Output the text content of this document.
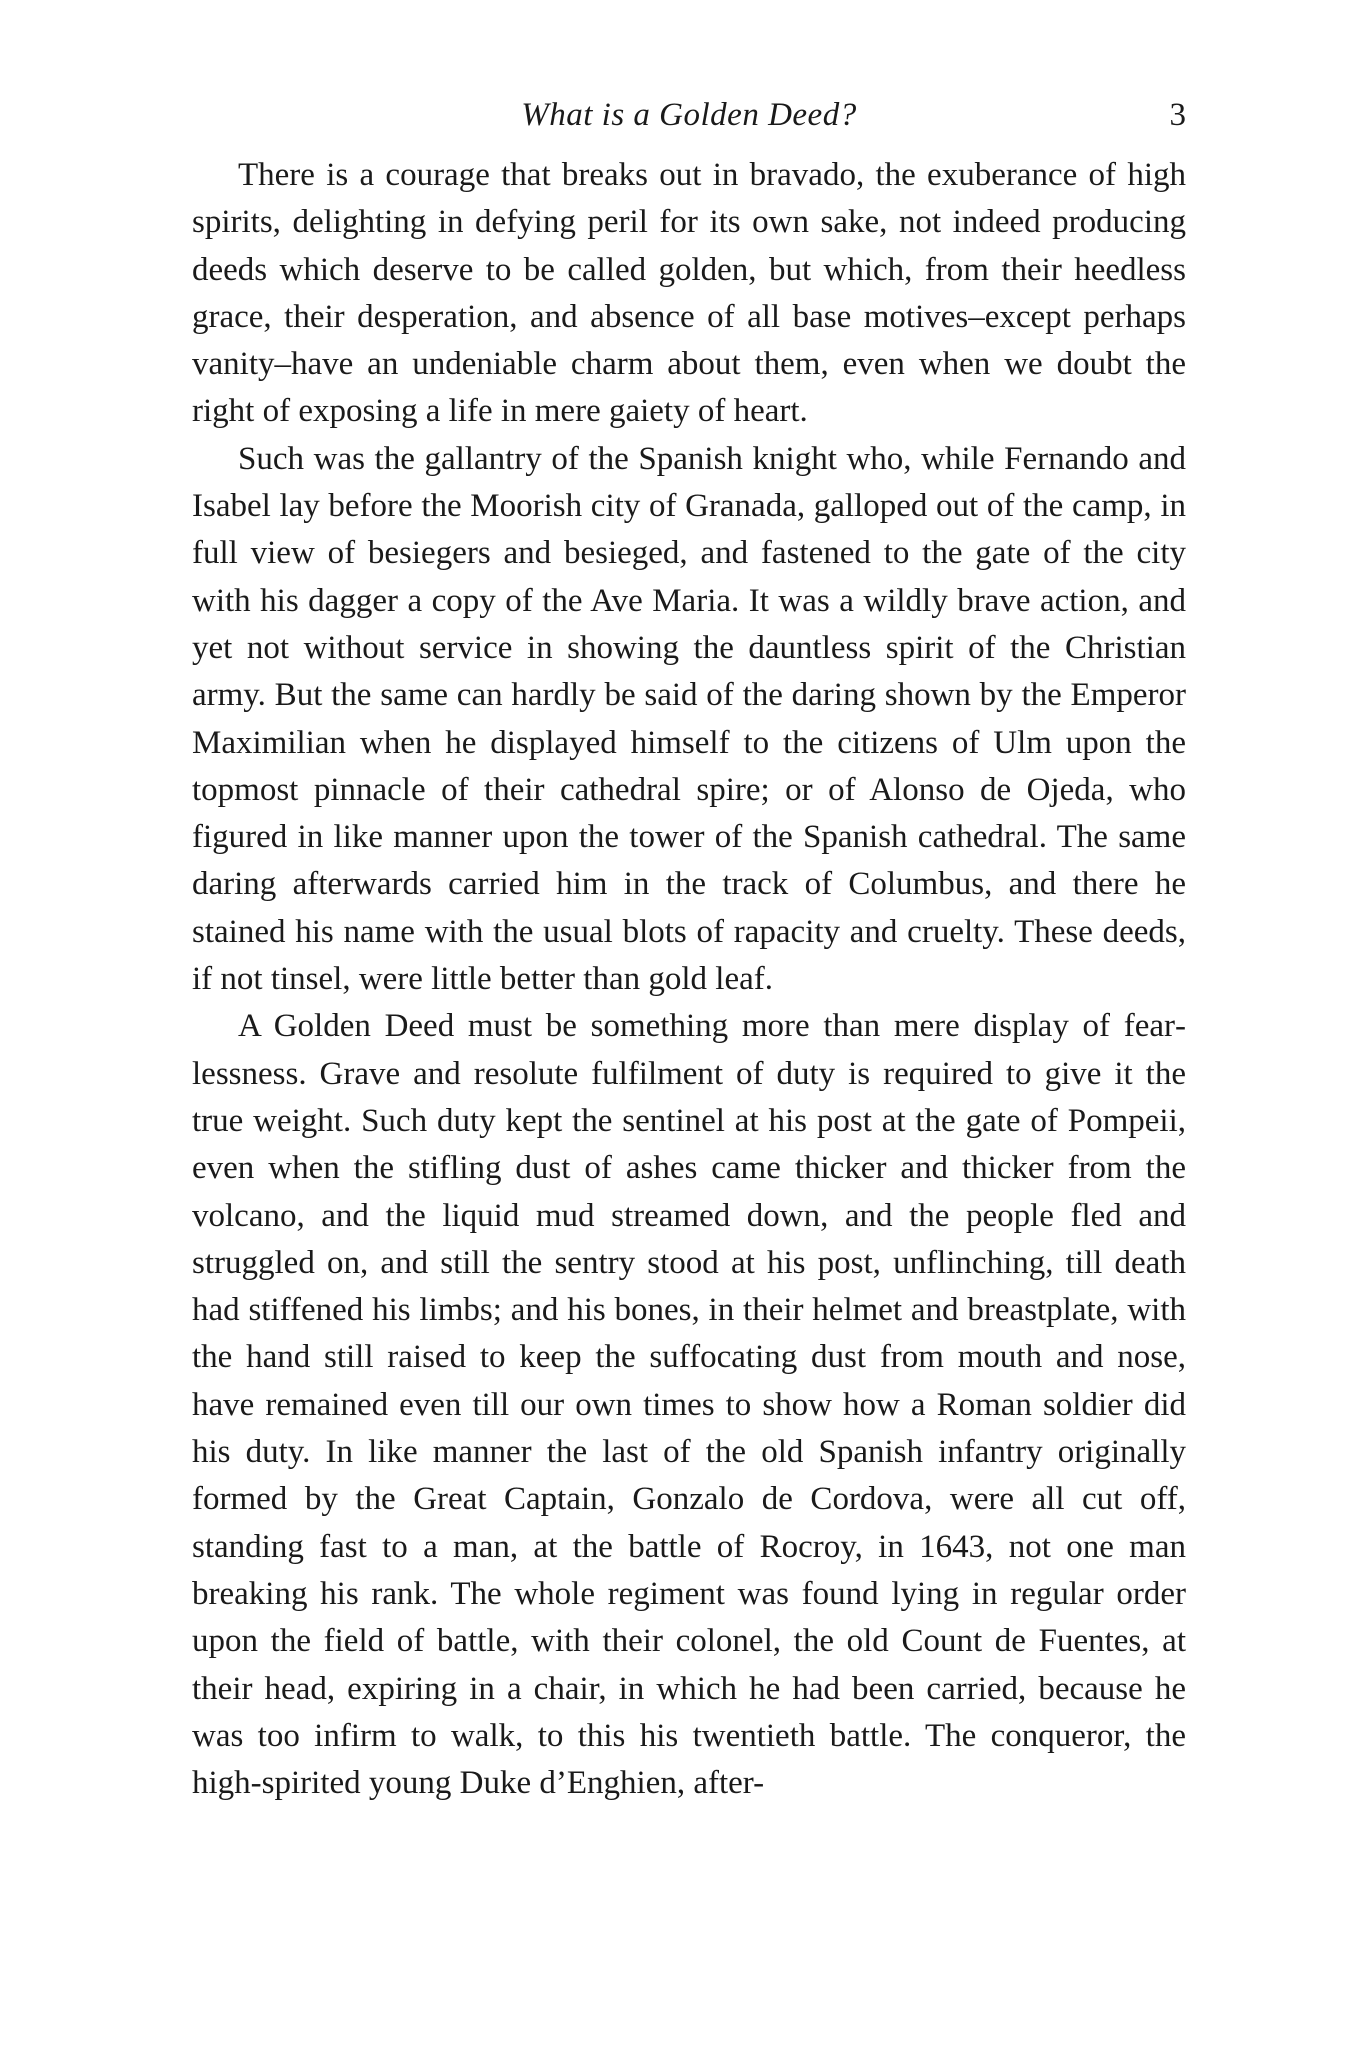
What is a Golden Deed?	3

There is a courage that breaks out in bravado, the exuberance of high spirits, delighting in defying peril for its own sake, not indeed producing deeds which deserve to be called golden, but which, from their heedless grace, their desperation, and absence of all base motives–except perhaps vanity–have an undeniable charm about them, even when we doubt the right of exposing a life in mere gaiety of heart.

Such was the gallantry of the Spanish knight who, while Fernando and Isabel lay before the Moorish city of Granada, galloped out of the camp, in full view of besiegers and besieged, and fastened to the gate of the city with his dagger a copy of the Ave Maria. It was a wildly brave action, and yet not without service in showing the dauntless spirit of the Christian army. But the same can hardly be said of the daring shown by the Emperor Maximilian when he displayed himself to the citizens of Ulm upon the topmost pinnacle of their cathedral spire; or of Alonso de Ojeda, who figured in like manner upon the tower of the Spanish cathedral. The same daring afterwards carried him in the track of Columbus, and there he stained his name with the usual blots of rapacity and cruelty. These deeds, if not tinsel, were little better than gold leaf.

A Golden Deed must be something more than mere display of fearlessness. Grave and resolute fulfilment of duty is required to give it the true weight. Such duty kept the sentinel at his post at the gate of Pompeii, even when the stifling dust of ashes came thicker and thicker from the volcano, and the liquid mud streamed down, and the people fled and struggled on, and still the sentry stood at his post, unflinching, till death had stiffened his limbs; and his bones, in their helmet and breastplate, with the hand still raised to keep the suffocating dust from mouth and nose, have remained even till our own times to show how a Roman soldier did his duty. In like manner the last of the old Spanish infantry originally formed by the Great Captain, Gonzalo de Cordova, were all cut off, standing fast to a man, at the battle of Rocroy, in 1643, not one man breaking his rank. The whole regiment was found lying in regular order upon the field of battle, with their colonel, the old Count de Fuentes, at their head, expiring in a chair, in which he had been carried, because he was too infirm to walk, to this his twentieth battle. The conqueror, the high-spirited young Duke d’Enghien, after-
